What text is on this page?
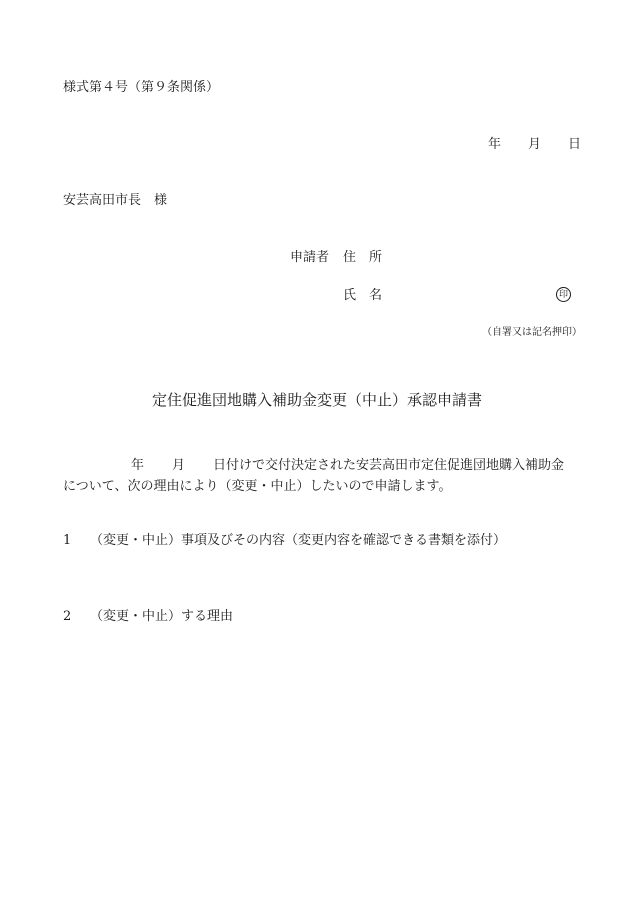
様式第４号（第９条関係）
年 月 日
安芸高田市長 様
申請者 住 所
氏 名	印
（自署又は記名押印）
定住促進団地購入補助金変更（中止）承認申請書
年 月 日付けで交付決定された安芸高田市定住促進団地購入補助金
について、次の理由により（変更・中止）したいので申請します。
1 （変更・中止）事項及びその内容（変更内容を確認できる書類を添付）
2 （変更・中止）する理由
